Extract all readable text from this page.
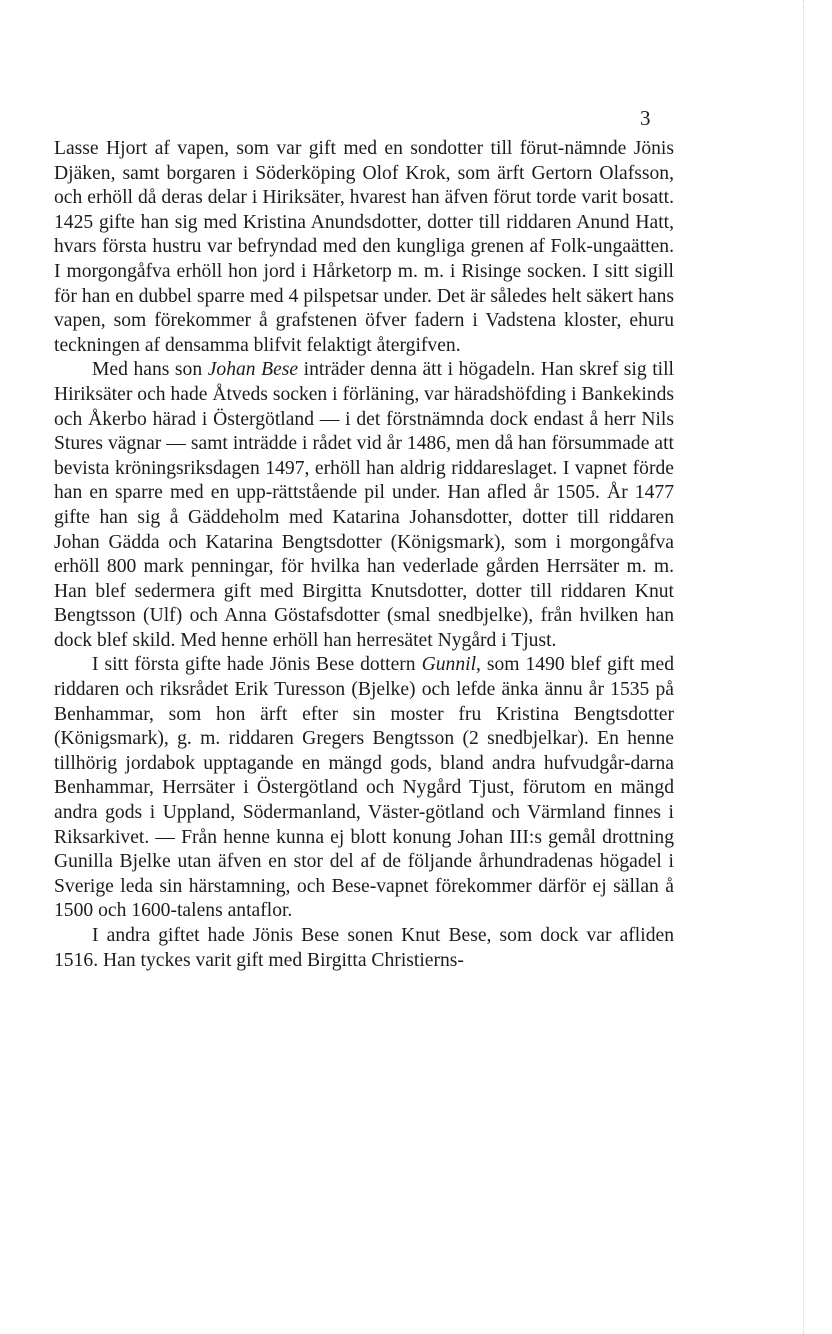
3

Lasse Hjort af vapen, som var gift med en sondotter till förut-nämnde Jönis Djäken, samt borgaren i Söderköping Olof Krok, som ärft Gertorn Olafsson, och erhöll då deras delar i Hiriksäter, hvarest han äfven förut torde varit bosatt. 1425 gifte han sig med Kristina Anundsdotter, dotter till riddaren Anund Hatt, hvars första hustru var befryndad med den kungliga grenen af Folk-ungaätten. I morgongåfva erhöll hon jord i Hårketorp m. m. i Risinge socken. I sitt sigill för han en dubbel sparre med 4 pilspetsar under. Det är således helt säkert hans vapen, som förekommer å grafstenen öfver fadern i Vadstena kloster, ehuru teckningen af densamma blifvit felaktigt återgifven.

Med hans son Johan Bese inträder denna ätt i högadeln. Han skref sig till Hiriksäter och hade Åtveds socken i förläning, var häradshöfding i Bankekinds och Åkerbo härad i Östergötland — i det förstnämnda dock endast å herr Nils Stures vägnar — samt inträdde i rådet vid år 1486, men då han försummade att bevista kröningsriksdagen 1497, erhöll han aldrig riddareslaget. I vapnet förde han en sparre med en upp-rättstående pil under. Han afled år 1505. År 1477 gifte han sig å Gäddeholm med Katarina Johansdotter, dotter till riddaren Johan Gädda och Katarina Bengtsdotter (Königsmark), som i morgongåfva erhöll 800 mark penningar, för hvilka han vederlade gården Herrsäter m. m. Han blef sedermera gift med Birgitta Knutsdotter, dotter till riddaren Knut Bengtsson (Ulf) och Anna Göstafsdotter (smal snedbjelke), från hvilken han dock blef skild. Med henne erhöll han herresätet Nygård i Tjust.

I sitt första gifte hade Jönis Bese dottern Gunnil, som 1490 blef gift med riddaren och riksrådet Erik Turesson (Bjelke) och lefde änka ännu år 1535 på Benhammar, som hon ärft efter sin moster fru Kristina Bengtsdotter (Königsmark), g. m. riddaren Gregers Bengtsson (2 snedbjelkar). En henne tillhörig jordabok upptagande en mängd gods, bland andra hufvudgår-darna Benhammar, Herrsäter i Östergötland och Nygård Tjust, förutom en mängd andra gods i Uppland, Södermanland, Väster-götland och Värmland finnes i Riksarkivet. — Från henne kunna ej blott konung Johan III:s gemål drottning Gunilla Bjelke utan äfven en stor del af de följande århundradenas högadel i Sverige leda sin härstamning, och Bese-vapnet förekommer därför ej sällan å 1500 och 1600-talens antaflor.

I andra giftet hade Jönis Bese sonen Knut Bese, som dock var afliden 1516. Han tyckes varit gift med Birgitta Christierns-
